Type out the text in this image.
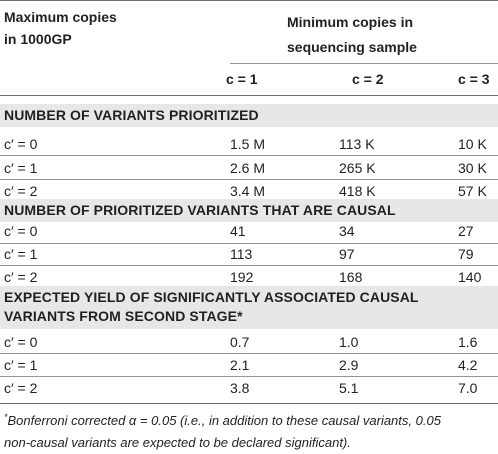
Maximum copies
in 1000GP
Minimum copies in
sequencing sample
c = 1	c = 2	c = 3
NUMBER OF VARIANTS PRIORITIZED
c′ = 0	1.5 M	113 K	10 K
c′ = 1	2.6 M	265 K	30 K
c′ = 2	3.4 M	418 K	57 K
NUMBER OF PRIORITIZED VARIANTS THAT ARE CAUSAL
c′ = 0	41	34	27
c′ = 1	113	97	79
c′ = 2	192	168	140
EXPECTED YIELD OF SIGNIFICANTLY ASSOCIATED CAUSAL
VARIANTS FROM SECOND STAGE*
c′ = 0	0.7	1.0	1.6
c′ = 1	2.1	2.9	4.2
c′ = 2	3.8	5.1	7.0
*Bonferroni corrected α = 0.05 (i.e., in addition to these causal variants, 0.05
non-causal variants are expected to be declared significant).
